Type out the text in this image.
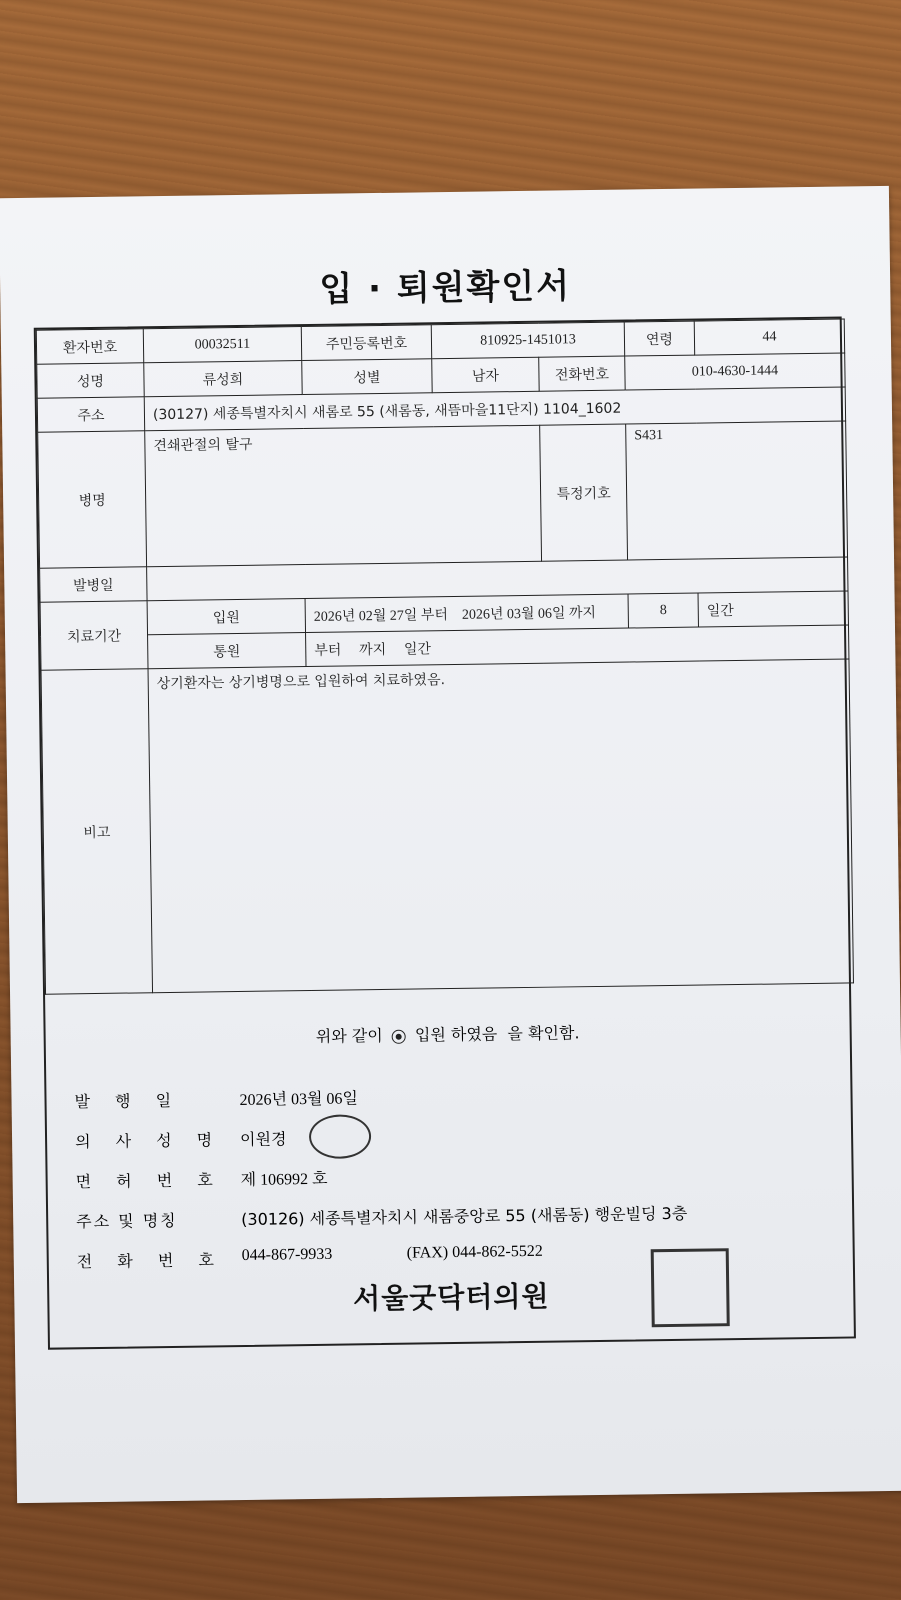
입 · 퇴원확인서
환자번호	00032511	주민등록번호	810925-1451013		연령	44
성명	류성희	성별	남자	전화번호	010-4630-1444	
주소	(30127) 세종특별자치시 새롬로 55 (새롬동, 새뜸마을11단지) 1104_1602					
병명	견쇄관절의 탈구			특정기호	S431	
발병일						
치료기간	입원	2026년 02월 27일 부터    2026년 03월 06일 까지			8	일간
	통원	부터    까지    일간				
비고	상기환자는 상기병명으로 입원하여 치료하였음.					
위와 같이 입원 하였음 을 확인함.
발 행 일	2026년 03월 06일
의 사 성 명	이원경
면 허 번 호	제 106992 호
주소 및 명칭	(30126) 세종특별자치시 새롬중앙로 55 (새롬동) 행운빌딩 3층
전 화 번 호	044-867-9933	(FAX) 044-862-5522
서울굿닥터의원
